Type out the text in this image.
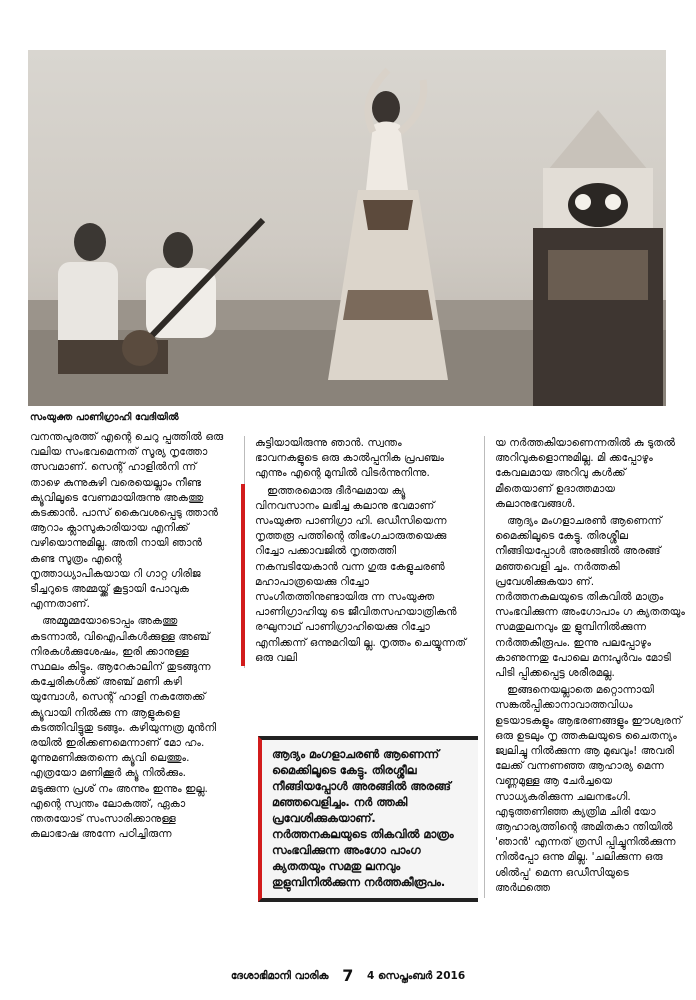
സംയുക്ത പാണിഗ്രാഹി വേദിയിൽ

വനന്തപുരത്ത് എന്റെ ചെറു പ്പത്തിൽ ഒരു വലിയ സംഭവമെന്നത് സൂര്യ നൃത്തോ ത്സവമാണ്. സെന്റ് ഹാളിൽനി ന്ന് താഴെ കുന്നുകുഴി വരെയെല്ലാം നീണ്ട ക്യൂവിലൂടെ വേണമായിരുന്നു അകത്തു കടക്കാൻ. പാസ് കൈവശപ്പെടു ത്താൻ ആറാം ക്ലാസുകാരിയായ എനിക്ക് വഴിയൊന്നുമില്ല. അതി നായി ഞാൻ കണ്ട സൂത്രം എന്റെ നൃത്താധ്യാപികയായ റി ഗാറ്റ ഗിരിജ ടീച്ചറുടെ അമ്മയ്ക്ക് കൂട്ടായി പോവുക എന്നതാണ്.

അമ്മൂമ്മയോടൊപ്പം അകത്തു കടന്നാൽ, വിഐപികൾക്കുള്ള അഞ്ച് നിരകൾക്കുശേഷം, ഇരി ക്കാനുള്ള സ്ഥലം കിട്ടും. ആറേകാലിന് തുടങ്ങുന്ന കച്ചേരികൾക്ക് അഞ്ച് മണി കഴി യുമ്പോൾ, സെന്റ് ഹാളി നകത്തേക്ക് ക്യൂവായി നിൽക്കു ന്ന ആളുകളെ കടത്തിവിട്ടുതു ടങ്ങും. കഴിയുന്നത്ര മുൻനി രയിൽ ഇരിക്കണമെന്നാണ് മോ ഹം. മൂന്നുമണിക്കുതന്നെ ക്യൂവി ലെത്തും. എത്രയോ മണിക്കൂർ ക്യൂ നിൽക്കും. മടുക്കുന്ന പ്രശ് നം അന്നും ഇന്നും ഇല്ല. എന്റെ സ്വന്തം ലോകത്ത്, ഏകാ ന്തതയോട് സംസാരിക്കാനുള്ള കലാഭാഷ അന്നേ പഠിച്ചിരുന്ന

കുട്ടിയായിരുന്നു ഞാൻ. സ്വന്തം ഭാവനകളുടെ ഒരു കാൽപ്പനിക പ്രപഞ്ചം എന്നും എന്റെ മുമ്പിൽ വിടർന്നുനിന്നു.

ഇത്തരമൊരു ദീർഘമായ ക്യൂ വിനവസാനം ലഭിച്ച കലാനു ഭവമാണ് സംയുക്ത പാണിഗ്രാ ഹി. ഒഡീസിയെന്ന നൃത്തരൂ പത്തിന്റെ തിഭംഗചാരുതയെക്കു റിച്ചോ പക്കാവജിൽ നൃത്തത്തി നകമ്പടിയേകാൻ വന്ന ഗുരു കേളുചരൺ മഹാപാത്രയെക്കു റിച്ചോ സംഗീതത്തിനുണ്ടായിരു ന്ന സംയുക്ത പാണിഗ്രാഹിയു ടെ ജീവിതസഹയാത്രികൻ രഘുനാഥ് പാണിഗ്രാഹിയെക്കു റിച്ചോ എനിക്കന്ന് ഒന്നുമറിയി ല്ല. നൃത്തം ചെയ്യുന്നത് ഒരു വലി

ആദ്യം മംഗളാചരൺ ആണെന്ന് മൈക്കിലൂടെ കേട്ടു. തിരശ്ശീല നീങ്ങിയപ്പോൾ അരങ്ങിൽ അരങ്ങ് മഞ്ഞവെളിച്ചം. നർ ത്തകി പ്രവേശിക്കുകയാണ്. നർത്തനകലയുടെ തികവിൽ മാത്രം സംഭവിക്കുന്ന അംഗോ പാംഗ ക്യതതയും സമതു ലനവും തുളുമ്പിനിൽക്കുന്ന നർത്തകീരൂപം.

യ നർത്തകിയാണെന്നതിൽ കു ടുതൽ അറിവുകളൊന്നുമില്ല. മി ക്കപ്പോഴും കേവലമായ അറിവു കൾക്ക് മീതെയാണ് ഉദാത്തമായ കലാനുഭവങ്ങൾ.

ആദ്യം മംഗളാചരൺ ആണെന്ന് മൈക്കിലൂടെ കേട്ടു. തിരശ്ശീല നീങ്ങിയപ്പോൾ അരങ്ങിൽ അരങ്ങ് മഞ്ഞവെളി ച്ചം. നർത്തകി പ്രവേശിക്കുകയാ ണ്. നർത്തനകലയുടെ തികവിൽ മാത്രം സംഭവിക്കുന്ന അംഗോപാം ഗ ക്യതതയും സമതുലനവും തു ളുമ്പിനിൽക്കുന്ന നർത്തകീരൂപം. ഇന്നു പലപ്പോഴും കാണുന്നതു പോലെ മനഃപൂർവം മോടി പിടി പ്പിക്കപ്പെട്ട ശരീരമല്ല.

ഇങ്ങനെയല്ലാതെ മറ്റൊന്നായി സങ്കൽപ്പിക്കാനാവാത്തവിധം ഉടയാടകളും ആഭരണങ്ങളും ഈശ്വരന് ഒരു ഉടലും നൃ ത്തകലയുടെ ചൈതന്യം ജ്വലിച്ചു നിൽക്കുന്ന ആ മുഖവും! അവരി ലേക്ക് വന്നണഞ്ഞ ആഹാര്യ മെന്ന വണ്ണമുള്ള ആ ചേർച്ചയെ സാധ്യകരിക്കുന്ന ചലനഭംഗി. എടുത്തണിഞ്ഞ ക്യത്രിമ ചിരി യോ ആഹാര്യത്തിന്റെ അമിതകാ ന്തിയിൽ 'ഞാൻ' എന്നത് ത്രസി പ്പിച്ചുനിൽക്കുന്ന നിൽപ്പോ ഒന്നു മില്ല. 'ചലിക്കുന്ന ഒരു ശിൽപ്പ' മെന്ന ഒഡീസിയുടെ അർഥത്തെ

ദേശാഭിമാനി വാരിക 7 4 സെപ്തംബർ 2016
